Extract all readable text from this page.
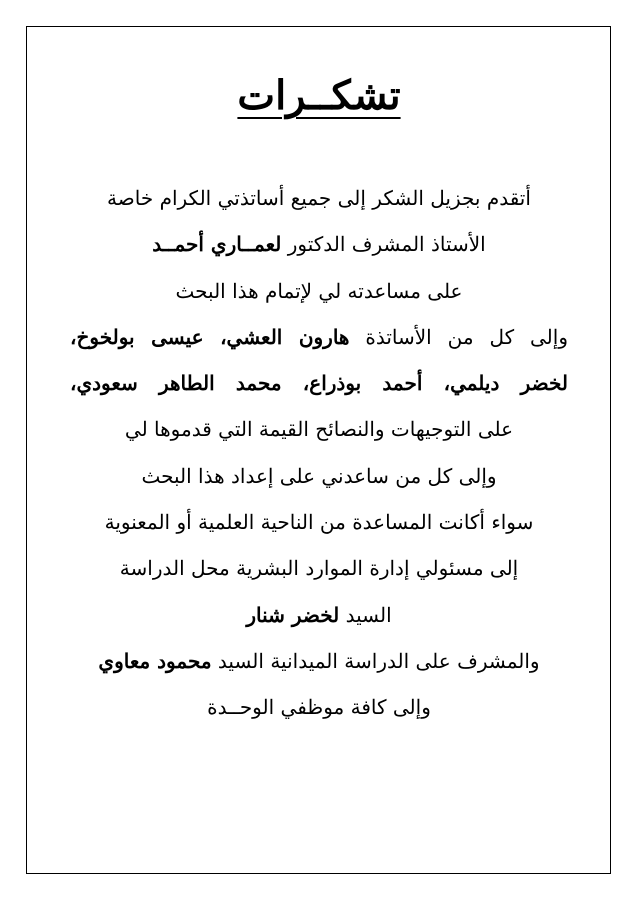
تشكــرات
أتقدم بجزيل الشكر إلى جميع أساتذتي الكرام خاصة
الأستاذ المشرف الدكتور لعمــاري أحمــد
على مساعدته لي لإتمام هذا البحث
وإلى كل من الأساتذة هارون العشي، عيسى بولخوخ،
لخضر ديلمي، أحمد بوذراع، محمد الطاهر سعودي،
على التوجيهات والنصائح القيمة التي قدموها لي
وإلى كل من ساعدني على إعداد هذا البحث
سواء أكانت المساعدة من الناحية العلمية أو المعنوية
إلى مسئولي إدارة الموارد البشرية محل الدراسة
السيد لخضر شنار
والمشرف على الدراسة الميدانية السيد محمود معاوي
وإلى كافة موظفي الوحــدة
